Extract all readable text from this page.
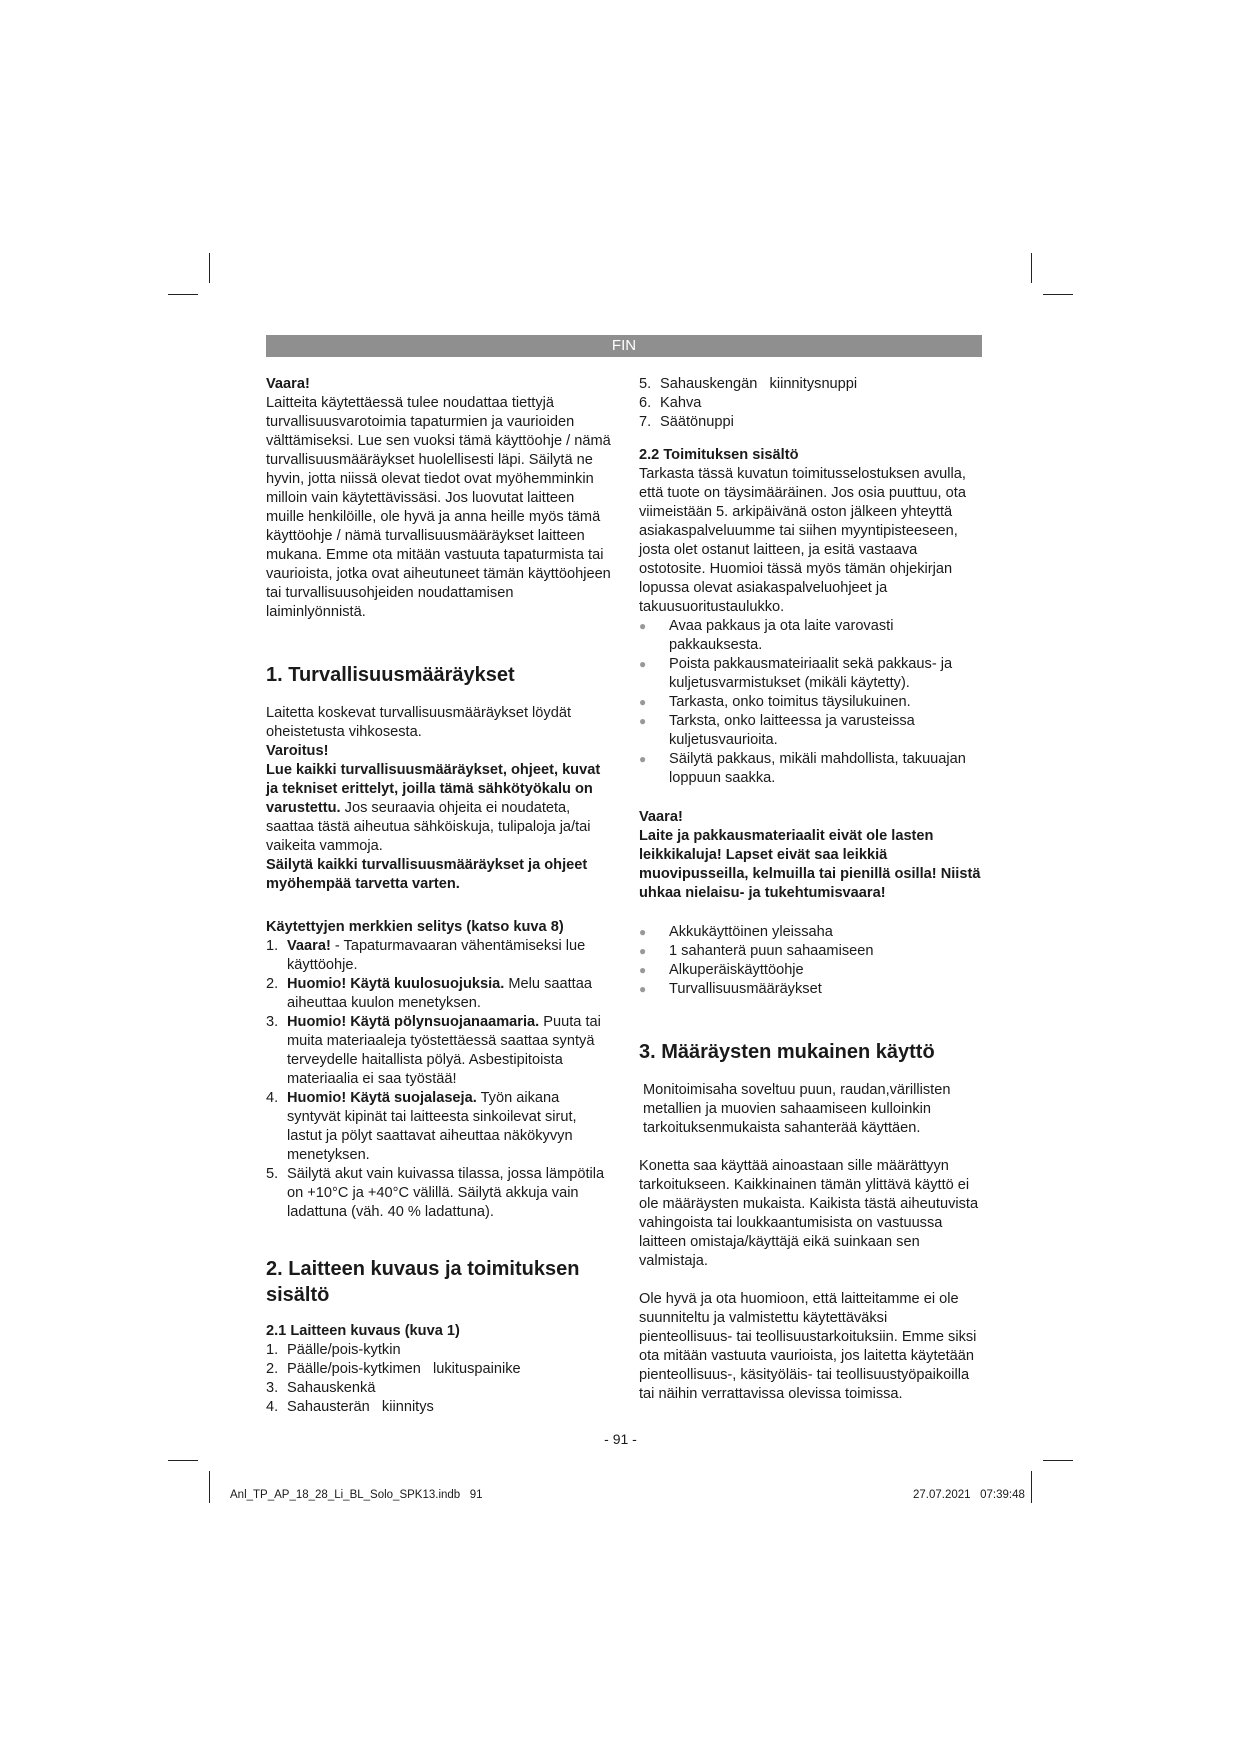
FIN

Vaara!

Laitteita käytettäessä tulee noudattaa tiettyjä turvallisuusvarotoimia tapaturmien ja vaurioiden välttämiseksi. Lue sen vuoksi tämä käyttöohje / nämä turvallisuusmääräykset huolellisesti läpi. Säilytä ne hyvin, jotta niissä olevat tiedot ovat myöhemminkin milloin vain käytettävissäsi. Jos luovutat laitteen muille henkilöille, ole hyvä ja anna heille myös tämä käyttöohje / nämä turvallisuusmääräykset laitteen mukana. Emme ota mitään vastuuta tapaturmista tai vaurioista, jotka ovat aiheutuneet tämän käyttöohjeen tai turvallisuusohjeiden noudattamisen laiminlyönnistä.

1. Turvallisuusmääräykset

Laitetta koskevat turvallisuusmääräykset löydät oheistetusta vihkosesta.

Varoitus!

Lue kaikki turvallisuusmääräykset, ohjeet, kuvat ja tekniset erittelyt, joilla tämä sähkötyökalu on varustettu. Jos seuraavia ohjeita ei noudateta, saattaa tästä aiheutua sähköiskuja, tulipaloja ja/tai vaikeita vammoja.

Säilytä kaikki turvallisuusmääräykset ja ohjeet myöhempää tarvetta varten.

Käytettyjen merkkien selitys (katso kuva 8)
1. Vaara! - Tapaturmavaaran vähentämiseksi lue käyttöohje.
2. Huomio! Käytä kuulosuojuksia. Melu saattaa aiheuttaa kuulon menetyksen.
3. Huomio! Käytä pölynsuojanaamaria. Puuta tai muita materiaaleja työstettäessä saattaa syntyä terveydelle haitallista pölyä. Asbestipitoista materiaalia ei saa työstää!
4. Huomio! Käytä suojalaseja. Työn aikana syntyvät kipinät tai laitteesta sinkoilevat sirut, lastut ja pölyt saattavat aiheuttaa näkökyvyn menetyksen.
5. Säilytä akut vain kuivassa tilassa, jossa lämpötila on +10°C ja +40°C välillä. Säilytä akkuja vain ladattuna (väh. 40 % ladattuna).
2. Laitteen kuvaus ja toimituksen sisältö
2.1 Laitteen kuvaus (kuva 1)
1. Päälle/pois-kytkin
2. Päälle/pois-kytkimen   lukituspainike
3. Sahauskenkä
4. Sahausterän   kiinnitys
5. Sahauskengän   kiinnitysnuppi
6. Kahva
7. Säätönuppi
2.2 Toimituksen sisältö

Tarkasta tässä kuvatun toimitusselostuksen avulla, että tuote on täysimääräinen. Jos osia puuttuu, ota viimeistään 5. arkipäivänä oston jälkeen yhteyttä asiakaspalveluumme tai siihen myyntipisteeseen, josta olet ostanut laitteen, ja esitä vastaava ostotosite. Huomioi tässä myös tämän ohjekirjan lopussa olevat asiakaspalveluohjeet ja takuusuoritustaulukko.

● Avaa pakkaus ja ota laite varovasti pakkauksesta.
● Poista pakkausmateiriaalit sekä pakkaus- ja kuljetusvarmistukset (mikäli käytetty).
● Tarkasta, onko toimitus täysilukuinen.
● Tarksta, onko laitteessa ja varusteissa kuljetusvaurioita.
● Säilytä pakkaus, mikäli mahdollista, takuuajan loppuun saakka.

Vaara!

Laite ja pakkausmateriaalit eivät ole lasten leikkikaluja! Lapset eivät saa leikkiä muovipusseilla, kelmuilla tai pienillä osilla! Niistä uhkaa nielaisu- ja tukehtumisvaara!

● Akkukäyttöinen yleissaha
● 1 sahanterä puun sahaamiseen
● Alkuperäiskäyttöohje
● Turvallisuusmääräykset
3. Määräysten mukainen käyttö

Monitoimisaha soveltuu puun, raudan,värillisten metallien ja muovien sahaamiseen kulloinkin tarkoituksenmukaista sahanterää käyttäen.

Konetta saa käyttää ainoastaan sille määrättyyn tarkoitukseen. Kaikkinainen tämän ylittävä käyttö ei ole määräysten mukaista. Kaikista tästä aiheutuvista vahingoista tai loukkaantumisista on vastuussa laitteen omistaja/käyttäjä eikä suinkaan sen valmistaja.

Ole hyvä ja ota huomioon, että laitteitamme ei ole suunniteltu ja valmistettu käytettäväksi pienteollisuus- tai teollisuustarkoituksiin. Emme siksi ota mitään vastuuta vaurioista, jos laitetta käytetään pienteollisuus-, käsityöläis- tai teollisuustyöpaikoilla tai näihin verrattavissa olevissa toimissa.

- 91 -
Anl_TP_AP_18_28_Li_BL_Solo_SPK13.indb   91	27.07.2021   07:39:48
